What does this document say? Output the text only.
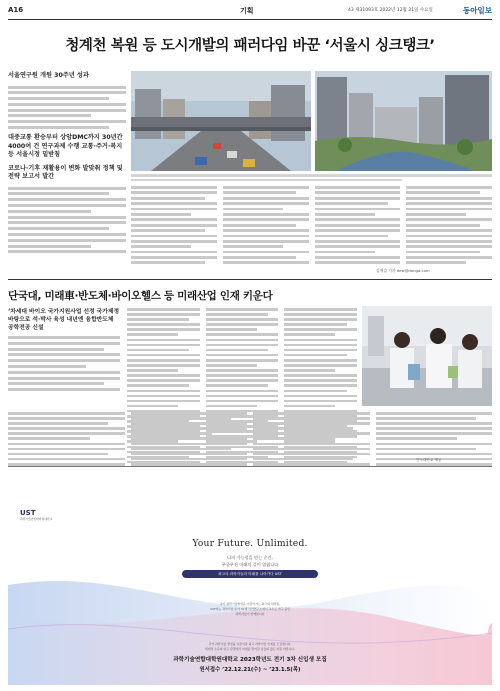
A16	기획	43 제31093호 2022년 12월 21일 수요일	동아일보
청계천 복원 등 도시개발의 패러다임 바꾼 ‘서울시 싱크탱크’
서울연구원 개원 30주년 성과
대중교통 환승부터 상암DMC까지 30년간 4000여 건 연구과제 수행 교통·주거·복지 등 서울시정 밑받침
코로나·기후 재활용이 변화 발맞춰 정책 및 전략 보고서 발간
김예슬 기자 dew@donga.com
단국대, 미래車·반도체·바이오헬스 등 미래산업 인재 키운다
‘차세대 바이오 국가지원사업 선정 국가제정 바탕으로 석·박사 육성 내년엔 융합반도체 공학전공 신설
단국대학교 제공
UST
과학기술연합대학원대학교
Your Future. Unlimited.
나의 가능성을 믿는 순간,
무궁무진 미래의 길이 열립니다
최고의 과학자들과 미래를 나아가다 UST
국가 과학기술발전을 이끌어가는 최고의 대학원,
UST에는 과학기술 분야 32개 국가연구소에서 교수로 연구 중인
과학자들이 함께합니다
국가 과학기술 발전을 이끌어갈 최고 과학기술 인재를 모집합니다.
세계적 수준의 연구 환경에서 미래를 열어갈 분들의 많은 지원 바랍니다.
과학기술연합대학원대학교 2023학년도 전기 3차 신입생 모집
원서접수 ’22.12.21(수) ~ ’23.1.5(목)
